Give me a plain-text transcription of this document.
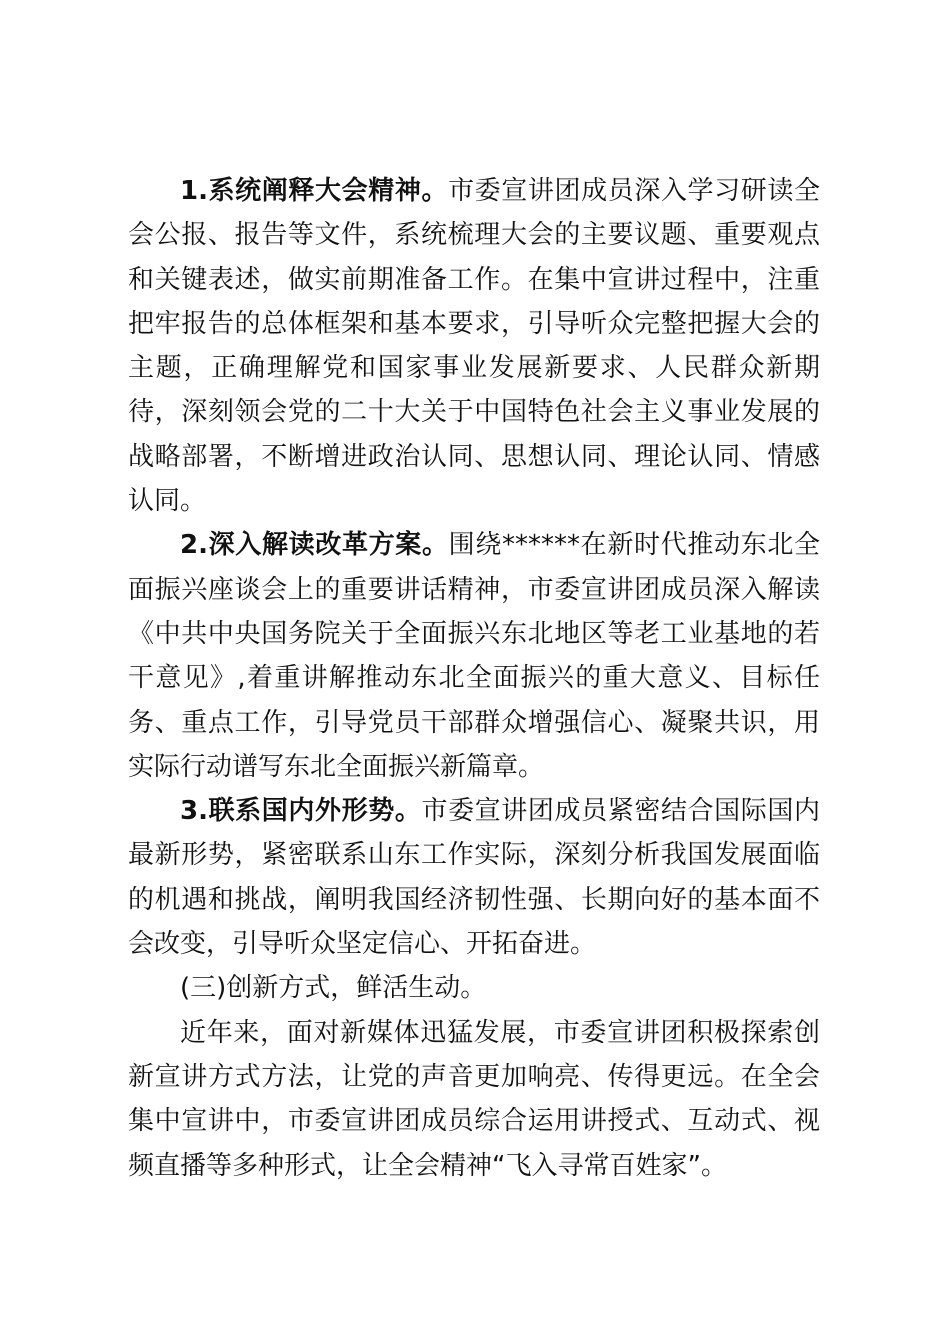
1.系统阐释大会精神。市委宣讲团成员深入学习研读全会公报、报告等文件，系统梳理大会的主要议题、重要观点和关键表述，做实前期准备工作。在集中宣讲过程中，注重把牢报告的总体框架和基本要求，引导听众完整把握大会的主题，正确理解党和国家事业发展新要求、人民群众新期待，深刻领会党的二十大关于中国特色社会主义事业发展的战略部署，不断增进政治认同、思想认同、理论认同、情感认同。

2.深入解读改革方案。围绕******在新时代推动东北全面振兴座谈会上的重要讲话精神，市委宣讲团成员深入解读《中共中央国务院关于全面振兴东北地区等老工业基地的若干意见》,着重讲解推动东北全面振兴的重大意义、目标任务、重点工作，引导党员干部群众增强信心、凝聚共识，用实际行动谱写东北全面振兴新篇章。

3.联系国内外形势。市委宣讲团成员紧密结合国际国内最新形势，紧密联系山东工作实际，深刻分析我国发展面临的机遇和挑战，阐明我国经济韧性强、长期向好的基本面不会改变，引导听众坚定信心、开拓奋进。

(三)创新方式，鲜活生动。

近年来，面对新媒体迅猛发展，市委宣讲团积极探索创新宣讲方式方法，让党的声音更加响亮、传得更远。在全会集中宣讲中，市委宣讲团成员综合运用讲授式、互动式、视频直播等多种形式，让全会精神“飞入寻常百姓家”。
